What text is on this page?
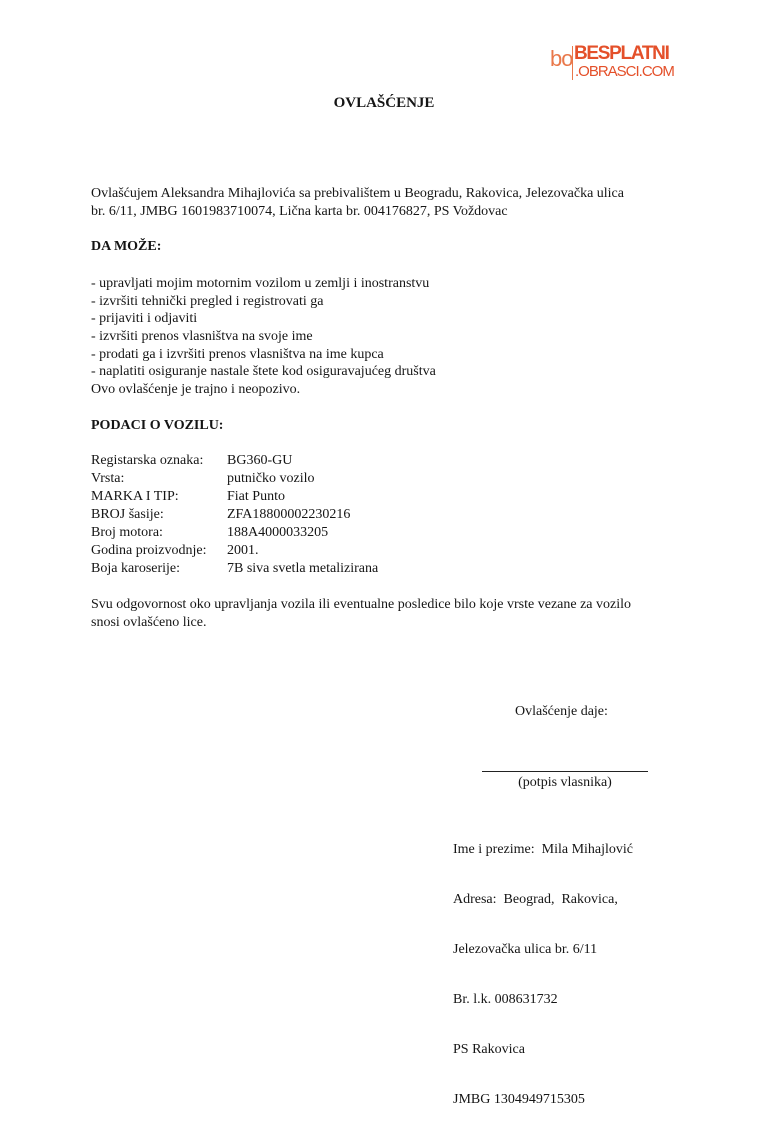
bo BESPLATNI
.OBRASCI.COM
OVLAŠĆENJE
Ovlašćujem Aleksandra Mihajlovića sa prebivalištem u Beogradu, Rakovica, Jelezovačka ulica
br. 6/11, JMBG 1601983710074, Lična karta br. 004176827, PS Voždovac
DA MOŽE:
- upravljati mojim motornim vozilom u zemlji i inostranstvu
- izvršiti tehnički pregled i registrovati ga
- prijaviti i odjaviti
- izvršiti prenos vlasništva na svoje ime
- prodati ga i izvršiti prenos vlasništva na ime kupca
- naplatiti osiguranje nastale štete kod osiguravajućeg društva
Ovo ovlašćenje je trajno i neopozivo.
PODACI O VOZILU:
Registarska oznaka: BG360-GU
Vrsta:	putničko vozilo
MARKA I TIP:	Fiat Punto
BROJ šasije:	ZFA18800002230216
Broj motora:	188A4000033205
Godina proizvodnje: 2001.
Boja karoserije:	7B siva svetla metalizirana
Svu odgovornost oko upravljanja vozila ili eventualne posledice bilo koje vrste vezane za vozilo
snosi ovlašćeno lice.
Ovlašćenje daje:
(potpis vlasnika)

Ime i prezime:  Mila Mihajlović

Adresa:  Beograd,  Rakovica,

Jelezovačka ulica br. 6/11

Br. l.k. 008631732

PS Rakovica

JMBG 1304949715305
